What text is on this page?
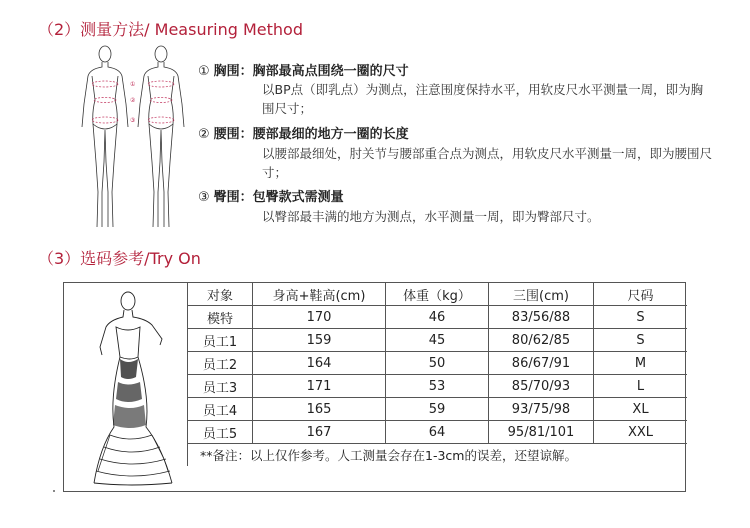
（2）测量方法/ Measuring Method
①
②
③
① 胸围：胸部最高点围绕一圈的尺寸
以BP点（即乳点）为测点，注意围度保持水平，用软皮尺水平测量一周，即为胸围尺寸；
② 腰围：腰部最细的地方一圈的长度
以腰部最细处，肘关节与腰部重合点为测点，用软皮尺水平测量一周，即为腰围尺寸；
③ 臀围：包臀款式需测量
以臀部最丰满的地方为测点，水平测量一周，即为臀部尺寸。
（3）选码参考/Try On
对象	身高+鞋高(cm)	体重（kg）	三围(cm)	尺码
模特	170	46	83/56/88	S
员工1	159	45	80/62/85	S
员工2	164	50	86/67/91	M
员工3	171	53	85/70/93	L
员工4	165	59	93/75/98	XL
员工5	167	64	95/81/101	XXL
**备注：以上仅作参考。人工测量会存在1-3cm的误差，还望谅解。				
